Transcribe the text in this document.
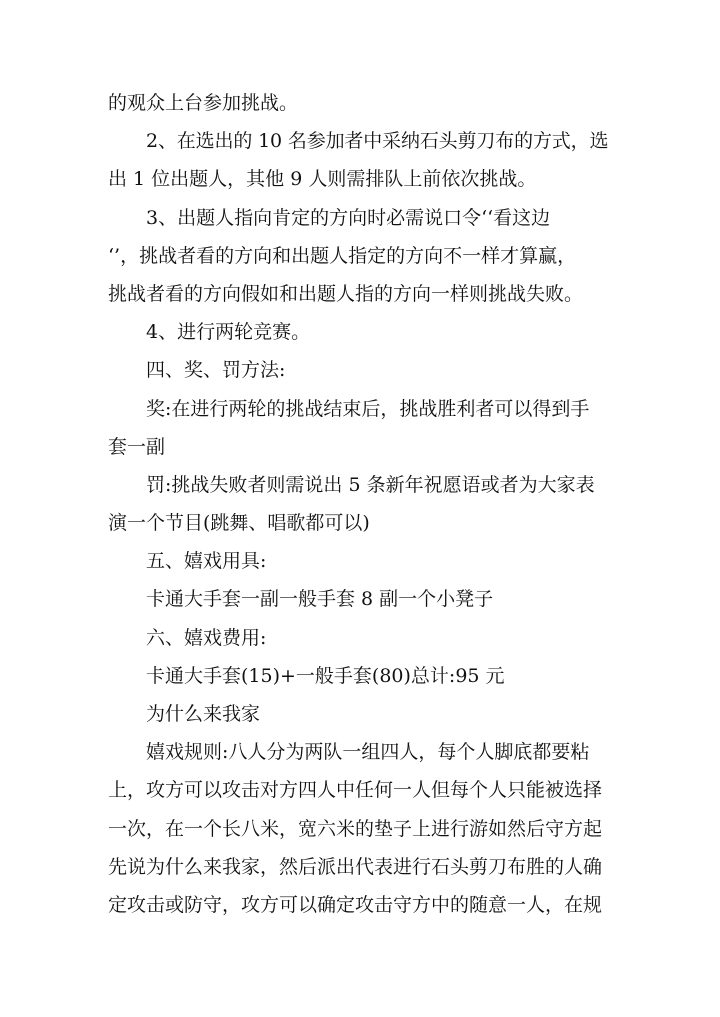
的观众上台参加挑战。
2、在选出的 10 名参加者中采纳石头剪刀布的方式，选
出 1 位出题人，其他 9 人则需排队上前依次挑战。
3、出题人指向肯定的方向时必需说口令‘‘看这边
‘’，挑战者看的方向和出题人指定的方向不一样才算赢，
挑战者看的方向假如和出题人指的方向一样则挑战失败。
4、进行两轮竞赛。
四、奖、罚方法:
奖:在进行两轮的挑战结束后，挑战胜利者可以得到手
套一副
罚:挑战失败者则需说出 5 条新年祝愿语或者为大家表
演一个节目(跳舞、唱歌都可以)
五、嬉戏用具:
卡通大手套一副一般手套 8 副一个小凳子
六、嬉戏费用:
卡通大手套(15)+一般手套(80)总计:95 元
为什么来我家
嬉戏规则:八人分为两队一组四人，每个人脚底都要粘
上，攻方可以攻击对方四人中任何一人但每个人只能被选择
一次，在一个长八米，宽六米的垫子上进行游如然后守方起
先说为什么来我家，然后派出代表进行石头剪刀布胜的人确
定攻击或防守，攻方可以确定攻击守方中的随意一人，在规
